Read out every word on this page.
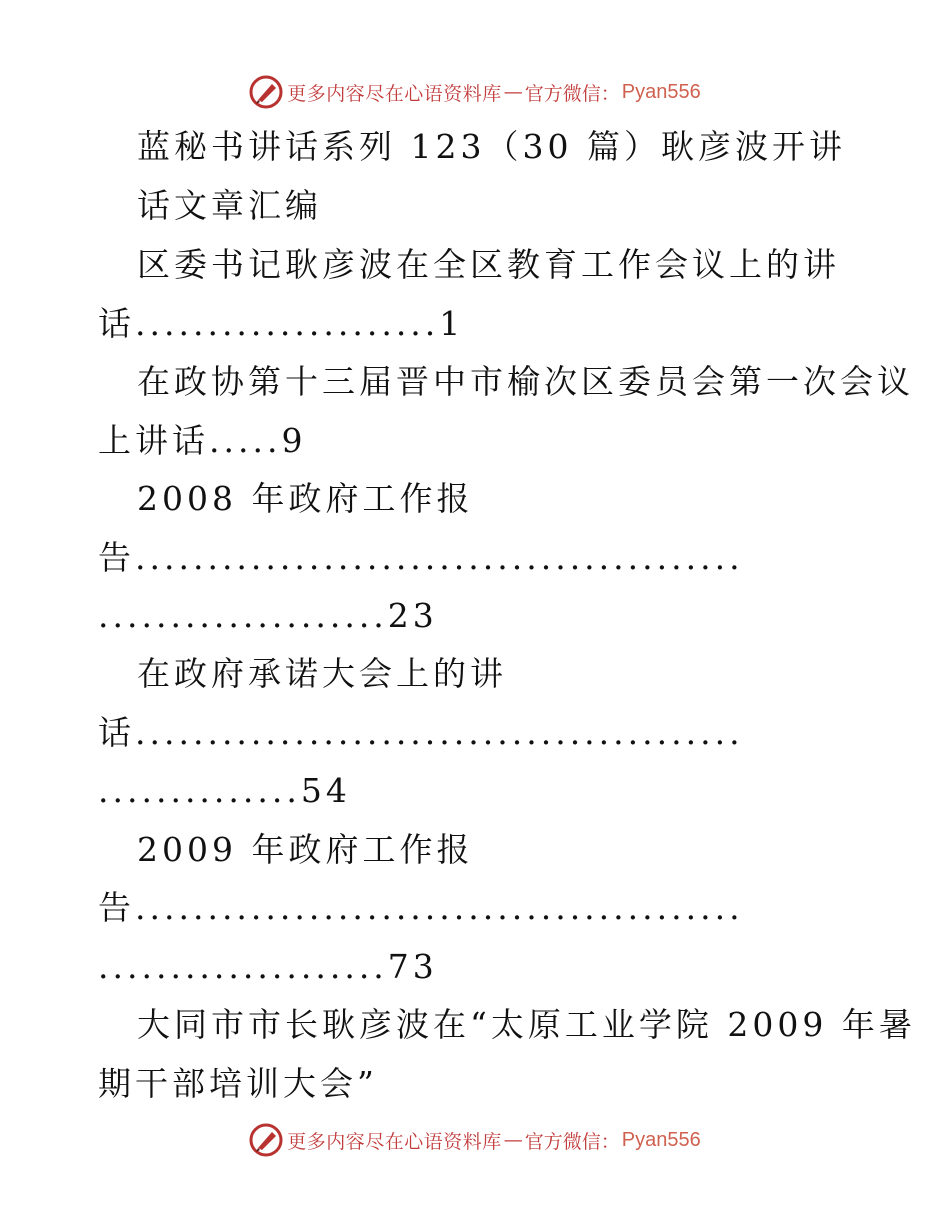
更多内容尽在心语资料库 — 官方微信： Pyan556
蓝秘书讲话系列 123（30 篇）耿彦波开讲
话文章汇编
区委书记耿彦波在全区教育工作会议上的讲
话.....................1
在政协第十三届晋中市榆次区委员会第一次会议
上讲话.....9
2008 年政府工作报
告..........................................
....................23
在政府承诺大会上的讲
话..........................................
..............54
2009 年政府工作报
告..........................................
....................73
大同市市长耿彦波在“太原工业学院 2009 年暑
期干部培训大会”
更多内容尽在心语资料库 — 官方微信： Pyan556
